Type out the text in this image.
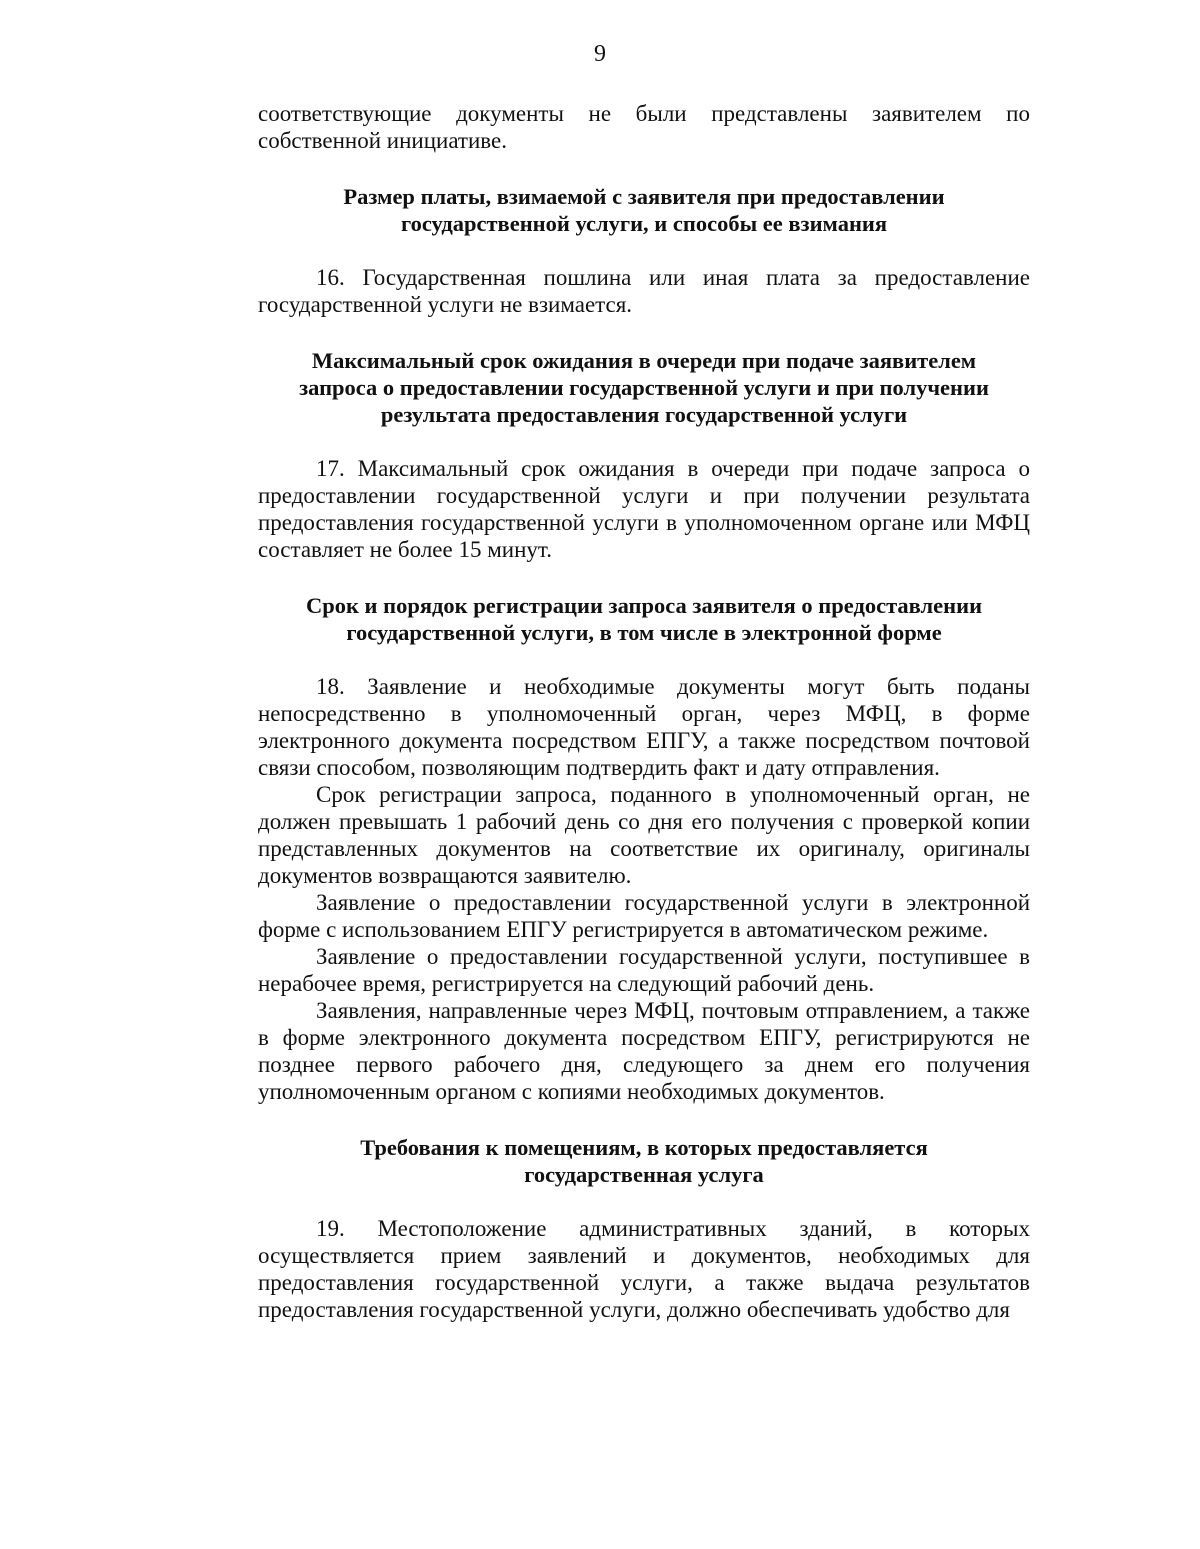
9

соответствующие документы не были представлены заявителем по собственной инициативе.

Размер платы, взимаемой с заявителя при предоставлении государственной услуги, и способы ее взимания

16. Государственная пошлина или иная плата за предоставление государственной услуги не взимается.

Максимальный срок ожидания в очереди при подаче заявителем запроса о предоставлении государственной услуги и при получении результата предоставления государственной услуги

17. Максимальный срок ожидания в очереди при подаче запроса о предоставлении государственной услуги и при получении результата предоставления государственной услуги в уполномоченном органе или МФЦ составляет не более 15 минут.

Срок и порядок регистрации запроса заявителя о предоставлении государственной услуги, в том числе в электронной форме

18. Заявление и необходимые документы могут быть поданы непосредственно в уполномоченный орган, через МФЦ, в форме электронного документа посредством ЕПГУ, а также посредством почтовой связи способом, позволяющим подтвердить факт и дату отправления.

Срок регистрации запроса, поданного в уполномоченный орган, не должен превышать 1 рабочий день со дня его получения с проверкой копии представленных документов на соответствие их оригиналу, оригиналы документов возвращаются заявителю.

Заявление о предоставлении государственной услуги в электронной форме с использованием ЕПГУ регистрируется в автоматическом режиме.

Заявление о предоставлении государственной услуги, поступившее в нерабочее время, регистрируется на следующий рабочий день.

Заявления, направленные через МФЦ, почтовым отправлением, а также в форме электронного документа посредством ЕПГУ, регистрируются не позднее первого рабочего дня, следующего за днем его получения уполномоченным органом с копиями необходимых документов.

Требования к помещениям, в которых предоставляется государственная услуга

19. Местоположение административных зданий, в которых осуществляется прием заявлений и документов, необходимых для предоставления государственной услуги, а также выдача результатов предоставления государственной услуги, должно обеспечивать удобство для
